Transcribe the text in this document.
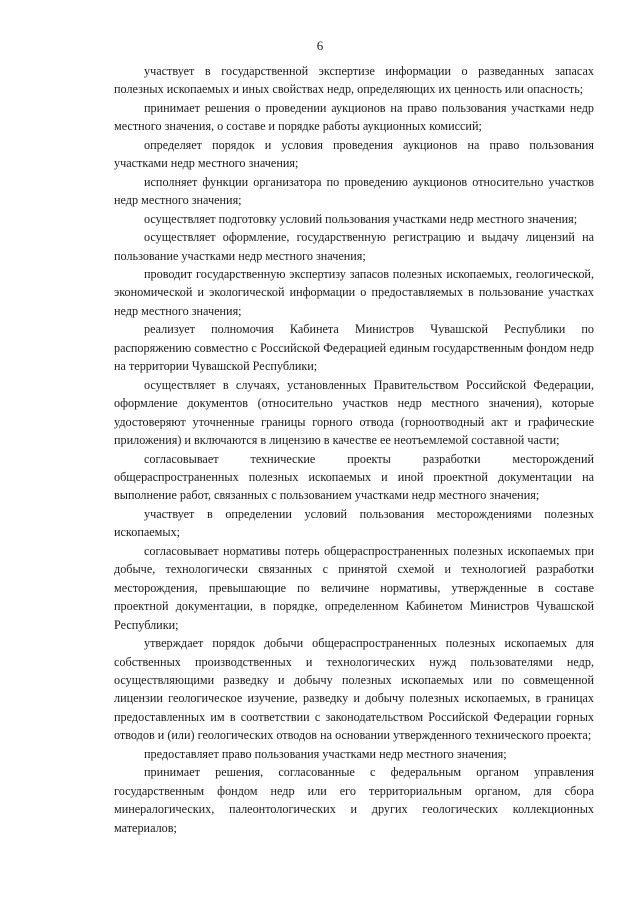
6

участвует в государственной экспертизе информации о разведанных запасах полезных ископаемых и иных свойствах недр, определяющих их ценность или опасность;

принимает решения о проведении аукционов на право пользования участками недр местного значения, о составе и порядке работы аукционных комиссий;

определяет порядок и условия проведения аукционов на право пользования участками недр местного значения;

исполняет функции организатора по проведению аукционов относительно участков недр местного значения;

осуществляет подготовку условий пользования участками недр местного значения;

осуществляет оформление, государственную регистрацию и выдачу лицензий на пользование участками недр местного значения;

проводит государственную экспертизу запасов полезных ископаемых, геологической, экономической и экологической информации о предоставляемых в пользование участках недр местного значения;

реализует полномочия Кабинета Министров Чувашской Республики по распоряжению совместно с Российской Федерацией единым государственным фондом недр на территории Чувашской Республики;

осуществляет в случаях, установленных Правительством Российской Федерации, оформление документов (относительно участков недр местного значения), которые удостоверяют уточненные границы горного отвода (горноотводный акт и графические приложения) и включаются в лицензию в качестве ее неотъемлемой составной части;

согласовывает технические проекты разработки месторождений общераспространенных полезных ископаемых и иной проектной документации на выполнение работ, связанных с пользованием участками недр местного значения;

участвует в определении условий пользования месторождениями полезных ископаемых;

согласовывает нормативы потерь общераспространенных полезных ископаемых при добыче, технологически связанных с принятой схемой и технологией разработки месторождения, превышающие по величине нормативы, утвержденные в составе проектной документации, в порядке, определенном Кабинетом Министров Чувашской Республики;

утверждает порядок добычи общераспространенных полезных ископаемых для собственных производственных и технологических нужд пользователями недр, осуществляющими разведку и добычу полезных ископаемых или по совмещенной лицензии геологическое изучение, разведку и добычу полезных ископаемых, в границах предоставленных им в соответствии с законодательством Российской Федерации горных отводов и (или) геологических отводов на основании утвержденного технического проекта;

предоставляет право пользования участками недр местного значения;

принимает решения, согласованные с федеральным органом управления государственным фондом недр или его территориальным органом, для сбора минералогических, палеонтологических и других геологических коллекционных материалов;
